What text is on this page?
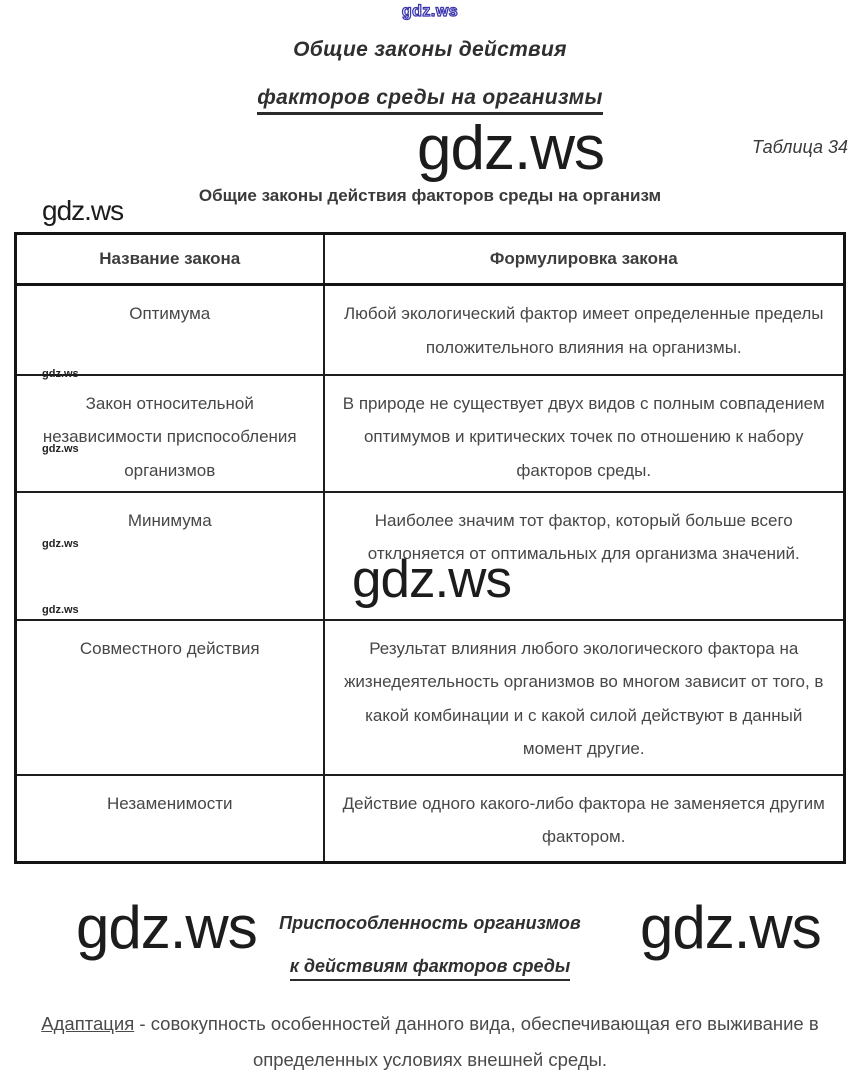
gdz.ws
gdz.ws
gdz.ws
gdz.ws
gdz.ws
gdz.ws
gdz.ws
gdz.ws
gdz.ws	gdz.ws
Общие законы действия
факторов среды на организмы
Таблица 34
Общие законы действия факторов среды на организм
Название закона	Формулировка закона
Оптимума	Любой экологический фактор имеет определенные пределы положительного влияния на организмы.
Закон относительной независимости приспособления организмов	В природе не существует двух видов с полным совпадением оптимумов и критических точек по отношению к набору факторов среды.
Минимума	Наиболее значим тот фактор, который больше всего отклоняется от оптимальных для организма значений.
Совместного действия	Результат влияния любого экологического фактора на жизнедеятельность организмов во многом зависит от того, в какой комбинации и с какой силой действуют в данный момент другие.
Незаменимости	Действие одного какого-либо фактора не заменяется другим фактором.
Приспособленность организмов
к действиям факторов среды
Адаптация - совокупность особенностей данного вида, обеспечивающая его выживание в определенных условиях внешней среды.
